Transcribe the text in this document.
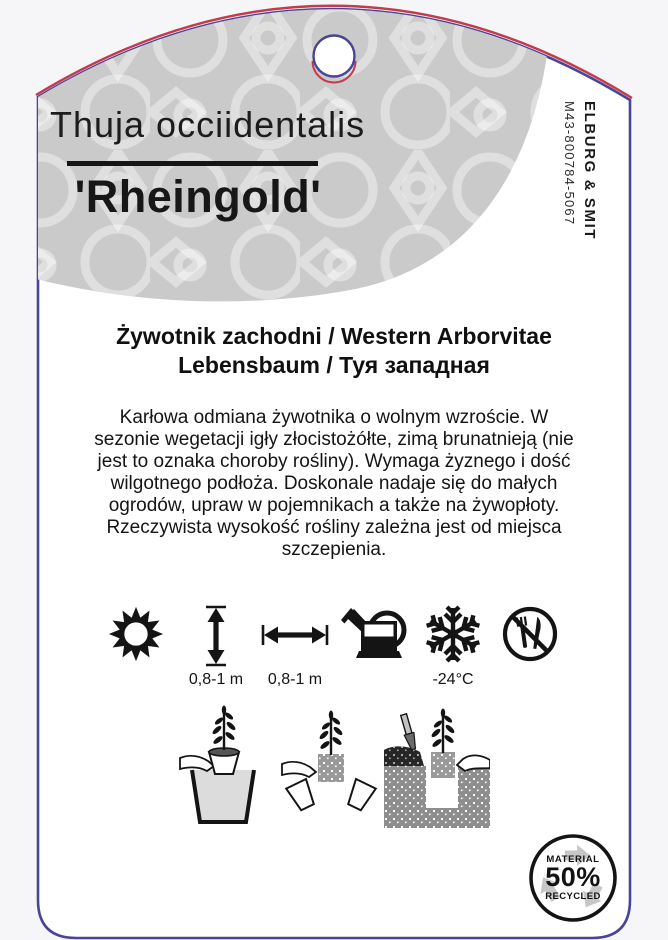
Thuja occiidentalis
'Rheingold'	ELBURG & SMIT
M43-800784-5067
Żywotnik zachodni / Western Arborvitae
Lebensbaum / Туя западная
Karłowa odmiana żywotnika o wolnym wzroście. W
sezonie wegetacji igły złocistożółte, zimą brunatnieją (nie
jest to oznaka choroby rośliny). Wymaga żyznego i dość
wilgotnego podłoża. Doskonale nadaje się do małych
ogrodów, upraw w pojemnikach a także na żywopłoty.
Rzeczywista wysokość rośliny zależna jest od miejsca
szczepienia.
0,8-1 m	0,8-1 m	-24°C
MATERIAL
50%
RECYCLED
